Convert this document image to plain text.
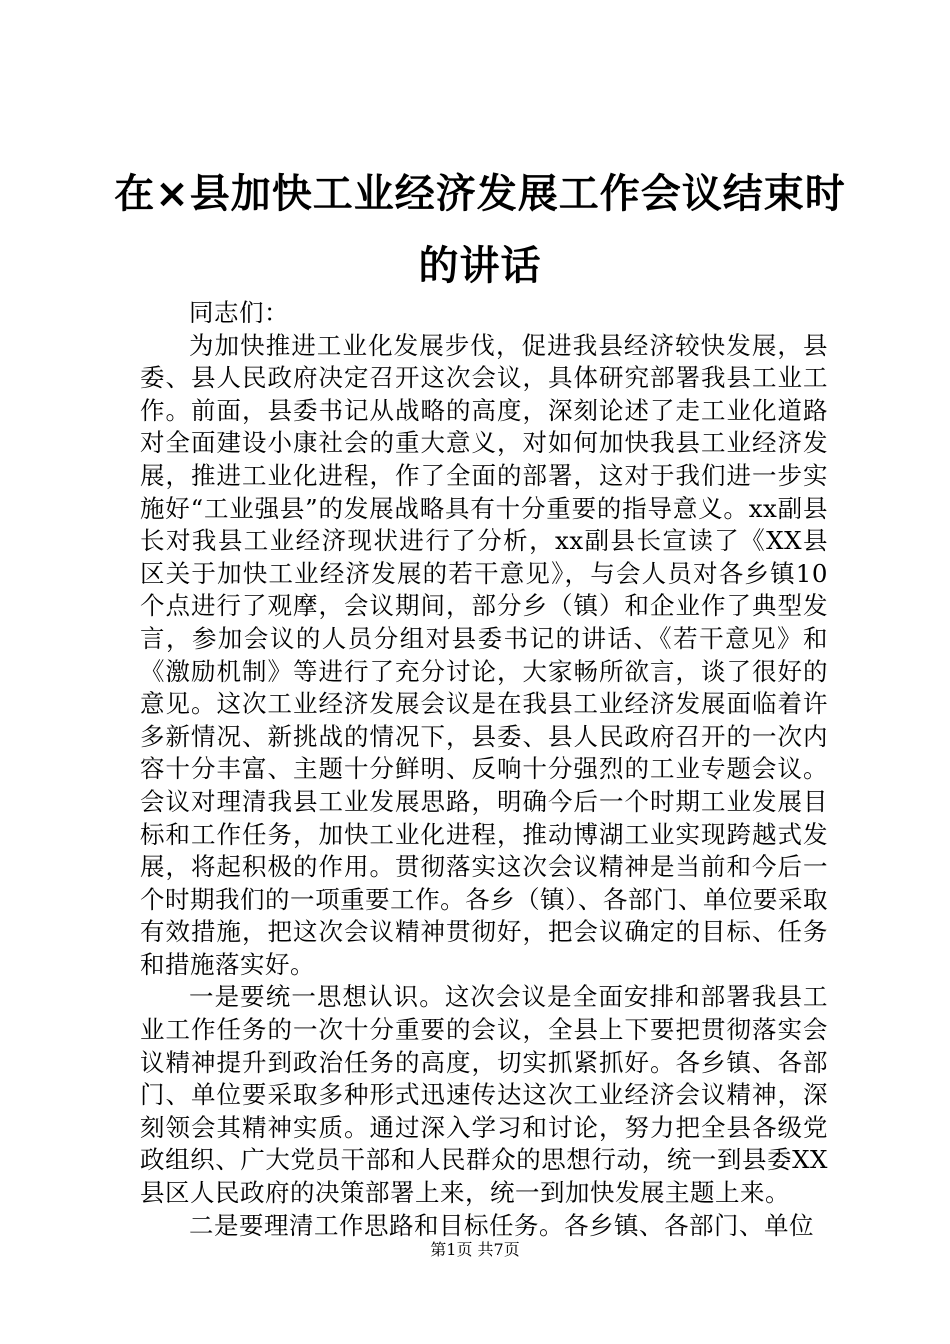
在×县加快工业经济发展工作会议结束时的讲话

同志们：

为加快推进工业化发展步伐，促进我县经济较快发展，县委、县人民政府决定召开这次会议，具体研究部署我县工业工作。前面，县委书记从战略的高度，深刻论述了走工业化道路对全面建设小康社会的重大意义，对如何加快我县工业经济发展，推进工业化进程，作了全面的部署，这对于我们进一步实施好“工业强县”的发展战略具有十分重要的指导意义。xx副县长对我县工业经济现状进行了分析，xx副县长宣读了《XX县区关于加快工业经济发展的若干意见》，与会人员对各乡镇10个点进行了观摩，会议期间，部分乡（镇）和企业作了典型发言，参加会议的人员分组对县委书记的讲话、《若干意见》和《激励机制》等进行了充分讨论，大家畅所欲言，谈了很好的意见。这次工业经济发展会议是在我县工业经济发展面临着许多新情况、新挑战的情况下，县委、县人民政府召开的一次内容十分丰富、主题十分鲜明、反响十分强烈的工业专题会议。会议对理清我县工业发展思路，明确今后一个时期工业发展目标和工作任务，加快工业化进程，推动博湖工业实现跨越式发展，将起积极的作用。贯彻落实这次会议精神是当前和今后一个时期我们的一项重要工作。各乡（镇）、各部门、单位要采取有效措施，把这次会议精神贯彻好，把会议确定的目标、任务和措施落实好。

一是要统一思想认识。这次会议是全面安排和部署我县工业工作任务的一次十分重要的会议，全县上下要把贯彻落实会议精神提升到政治任务的高度，切实抓紧抓好。各乡镇、各部门、单位要采取多种形式迅速传达这次工业经济会议精神，深刻领会其精神实质。通过深入学习和讨论，努力把全县各级党政组织、广大党员干部和人民群众的思想行动，统一到县委XX县区人民政府的决策部署上来，统一到加快发展主题上来。

二是要理清工作思路和目标任务。各乡镇、各部门、单位

第1页 共7页
